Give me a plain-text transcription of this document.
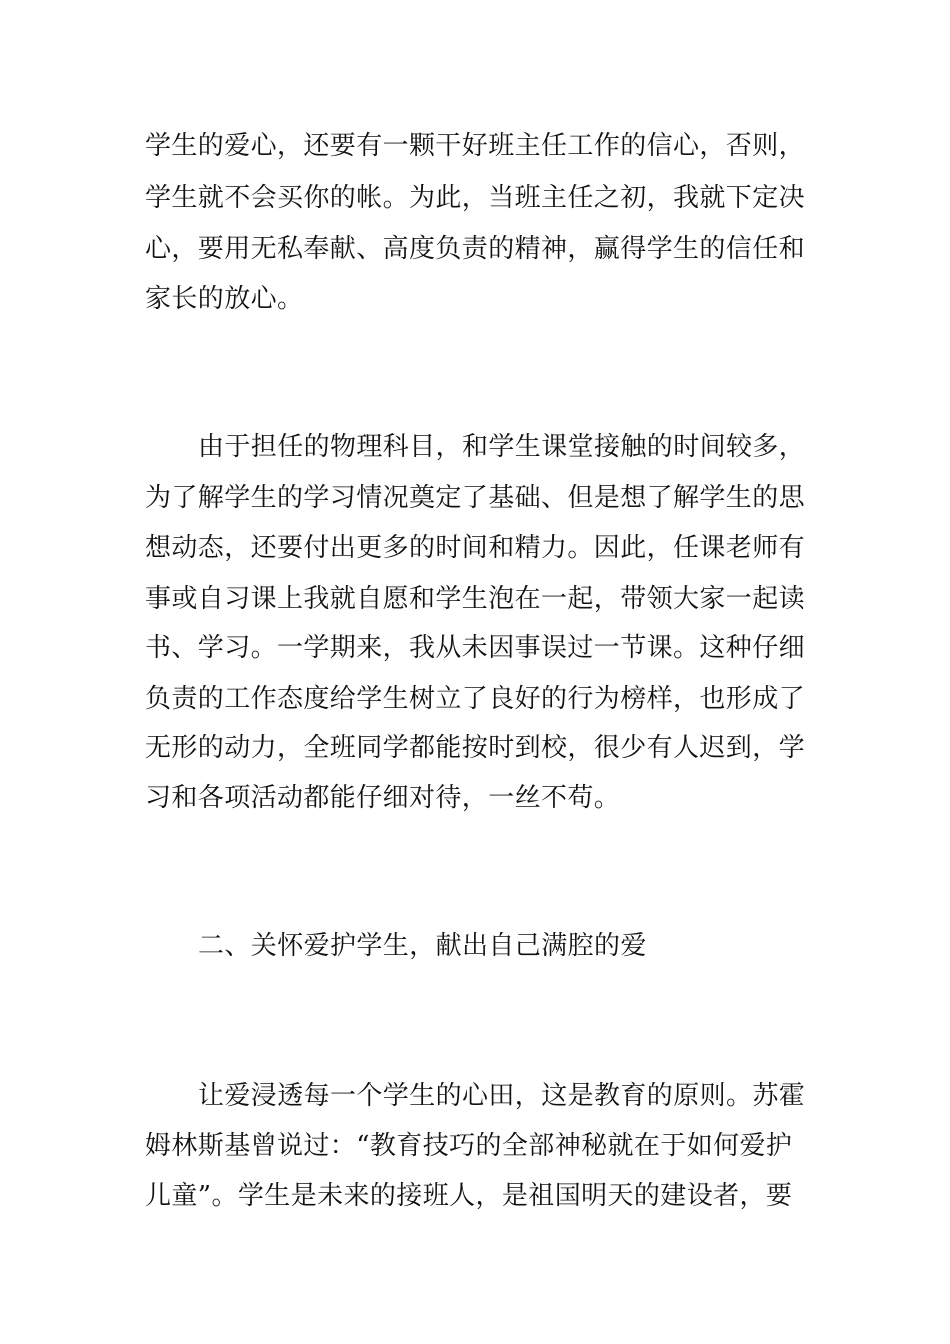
学生的爱心，还要有一颗干好班主任工作的信心，否则，

学生就不会买你的帐。为此，当班主任之初，我就下定决

心，要用无私奉献、高度负责的精神，赢得学生的信任和

家长的放心。

由于担任的物理科目，和学生课堂接触的时间较多，

为了解学生的学习情况奠定了基础、但是想了解学生的思

想动态，还要付出更多的时间和精力。因此，任课老师有

事或自习课上我就自愿和学生泡在一起，带领大家一起读

书、学习。一学期来，我从未因事误过一节课。这种仔细

负责的工作态度给学生树立了良好的行为榜样，也形成了

无形的动力，全班同学都能按时到校，很少有人迟到，学

习和各项活动都能仔细对待，一丝不苟。

二、关怀爱护学生，献出自己满腔的爱

让爱浸透每一个学生的心田，这是教育的原则。苏霍

姆林斯基曾说过：“教育技巧的全部神秘就在于如何爱护

儿童”。学生是未来的接班人，是祖国明天的建设者，要
